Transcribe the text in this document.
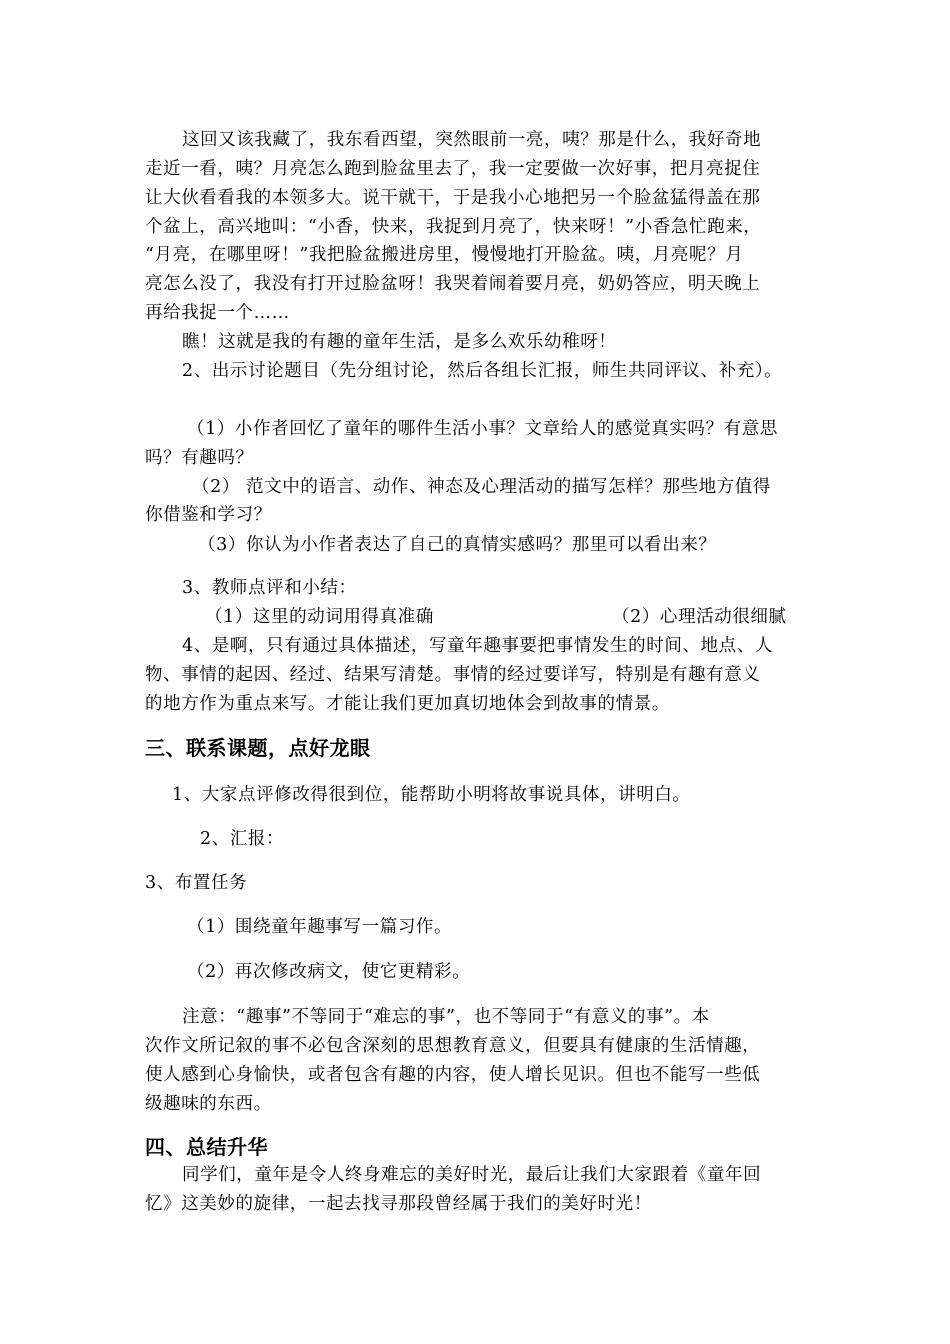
这回又该我藏了，我东看西望，突然眼前一亮，咦？那是什么，我好奇地
走近一看，咦？月亮怎么跑到脸盆里去了，我一定要做一次好事，把月亮捉住
让大伙看看我的本领多大。说干就干，于是我小心地把另一个脸盆猛得盖在那
个盆上，高兴地叫：“小香，快来，我捉到月亮了，快来呀！”小香急忙跑来，
“月亮，在哪里呀！”我把脸盆搬进房里，慢慢地打开脸盆。咦，月亮呢？月
亮怎么没了，我没有打开过脸盆呀！我哭着闹着要月亮，奶奶答应，明天晚上
再给我捉一个……
瞧！这就是我的有趣的童年生活，是多么欢乐幼稚呀！
2、出示讨论题目（先分组讨论，然后各组长汇报，师生共同评议、补充）。
（1）小作者回忆了童年的哪件生活小事？文章给人的感觉真实吗？有意思
吗？有趣吗？
（2） 范文中的语言、动作、神态及心理活动的描写怎样？那些地方值得
你借鉴和学习？
（3）你认为小作者表达了自己的真情实感吗？那里可以看出来？
3、教师点评和小结：
（1）这里的动词用得真准确	（2）心理活动很细腻
4、是啊，只有通过具体描述，写童年趣事要把事情发生的时间、地点、人
物、事情的起因、经过、结果写清楚。事情的经过要详写，特别是有趣有意义
的地方作为重点来写。才能让我们更加真切地体会到故事的情景。
三、联系课题，点好龙眼
1、大家点评修改得很到位，能帮助小明将故事说具体，讲明白。
2、汇报：
3、布置任务
（1）围绕童年趣事写一篇习作。
（2）再次修改病文，使它更精彩。
注意：“趣事”不等同于“难忘的事”，也不等同于“有意义的事”。本
次作文所记叙的事不必包含深刻的思想教育意义，但要具有健康的生活情趣，
使人感到心身愉快，或者包含有趣的内容，使人增长见识。但也不能写一些低
级趣味的东西。
四、总结升华
同学们，童年是令人终身难忘的美好时光，最后让我们大家跟着《童年回
忆》这美妙的旋律，一起去找寻那段曾经属于我们的美好时光！
